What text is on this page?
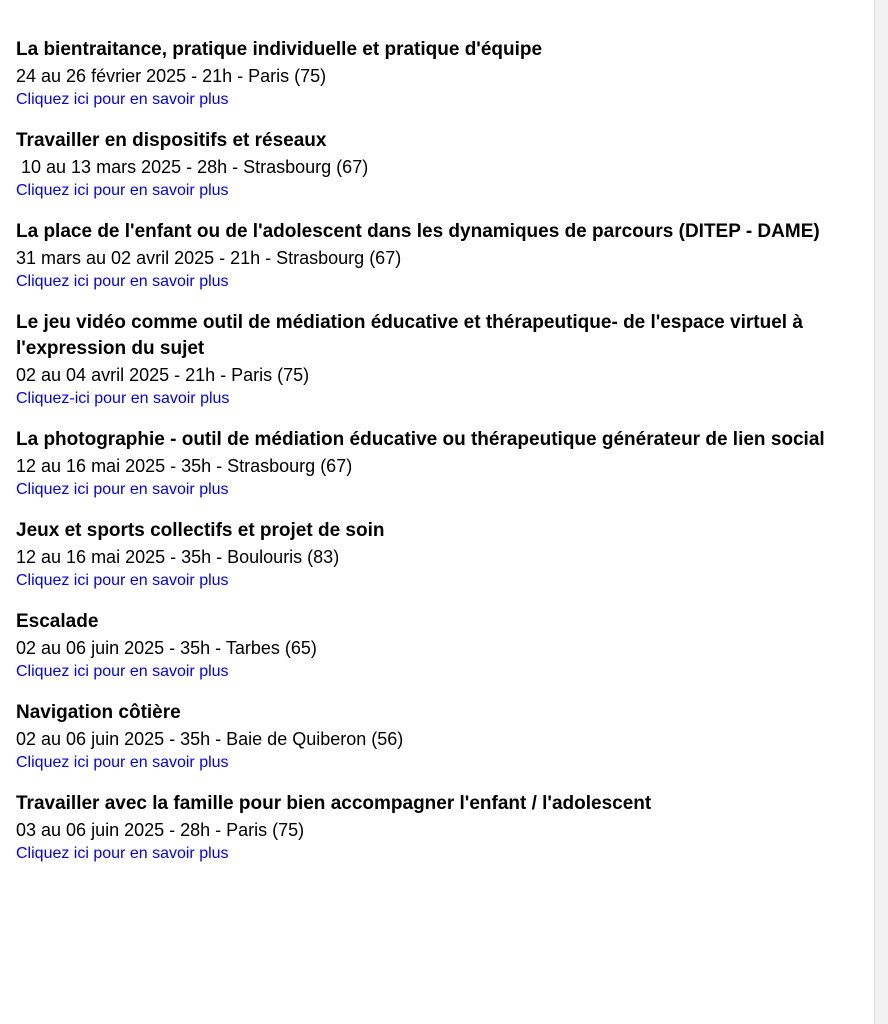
La bientraitance, pratique individuelle et pratique d'équipe
24 au 26 février 2025 - 21h - Paris (75)
Cliquez ici pour en savoir plus
Travailler en dispositifs et réseaux
10 au 13 mars 2025 - 28h - Strasbourg (67)
Cliquez ici pour en savoir plus
La place de l'enfant ou de l'adolescent dans les dynamiques de parcours (DITEP - DAME)
31 mars au 02 avril 2025 - 21h - Strasbourg (67)
Cliquez ici pour en savoir plus
Le jeu vidéo comme outil de médiation éducative et thérapeutique- de l'espace virtuel à l'expression du sujet
02 au 04 avril 2025 - 21h - Paris (75)
Cliquez-ici pour en savoir plus
La photographie - outil de médiation éducative ou thérapeutique générateur de lien social
12 au 16 mai 2025 - 35h - Strasbourg (67)
Cliquez ici pour en savoir plus
Jeux et sports collectifs et projet de soin
12 au 16 mai 2025 - 35h - Boulouris (83)
Cliquez ici pour en savoir plus
Escalade
02 au 06 juin 2025 - 35h - Tarbes (65)
Cliquez ici pour en savoir plus
Navigation côtière
02 au 06 juin 2025 - 35h - Baie de Quiberon (56)
Cliquez ici pour en savoir plus
Travailler avec la famille pour bien accompagner l'enfant / l'adolescent
03 au 06 juin 2025 - 28h - Paris (75)
Cliquez ici pour en savoir plus
